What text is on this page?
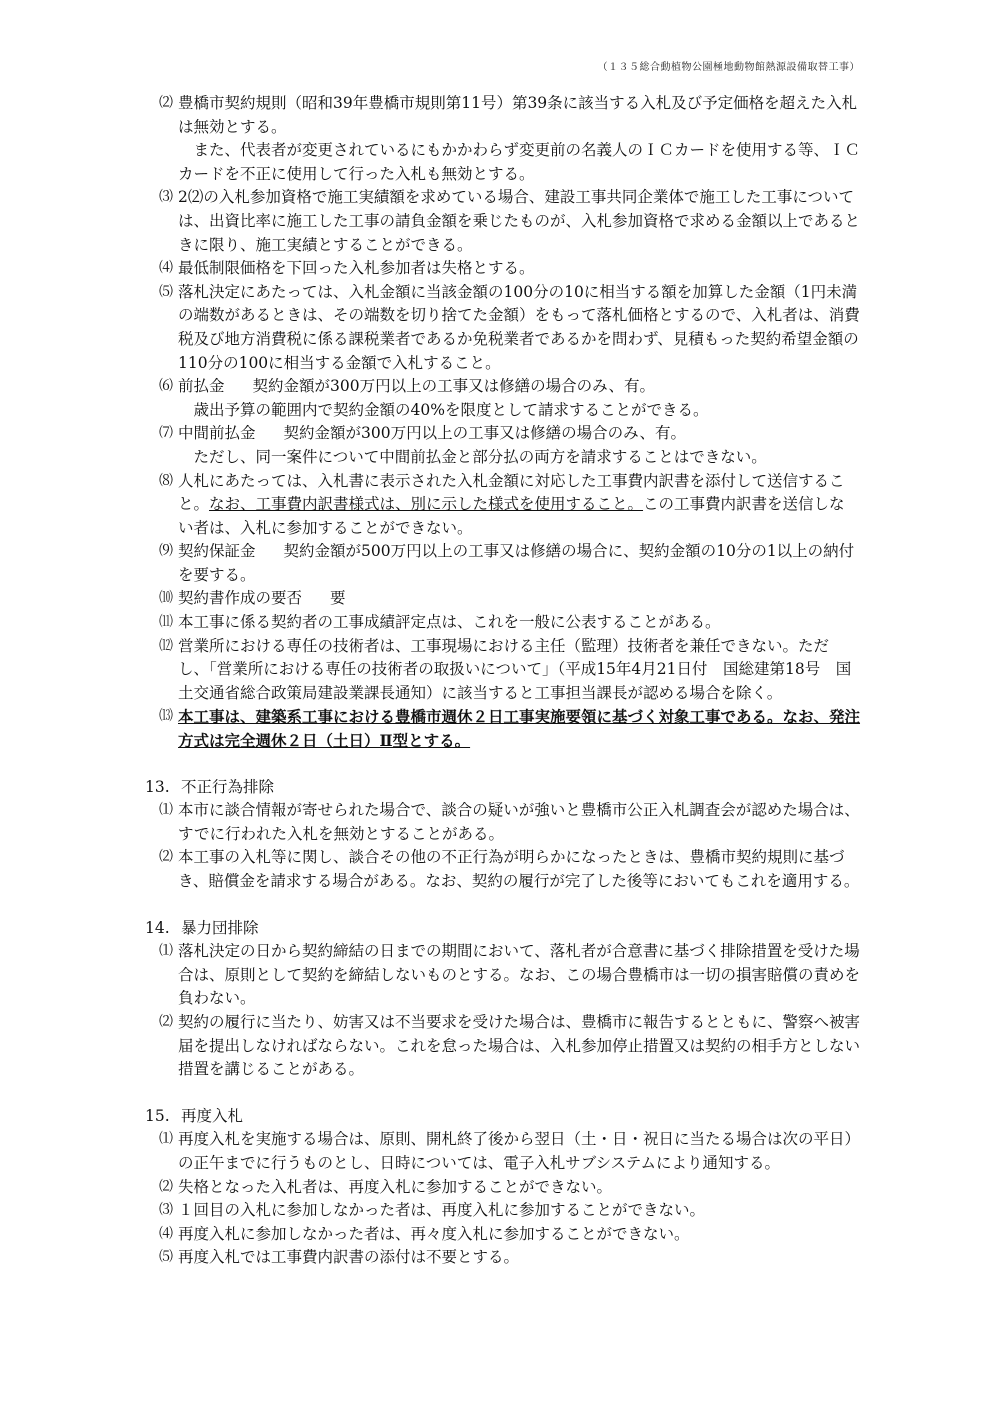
（１３５総合動植物公園極地動物館熱源設備取替工事）
⑵ 豊橋市契約規則（昭和39年豊橋市規則第11号）第39条に該当する入札及び予定価格を超えた入札は無効とする。
また、代表者が変更されているにもかかわらず変更前の名義人のＩＣカードを使用する等、ＩＣカードを不正に使用して行った入札も無効とする。
⑶ 2⑵の入札参加資格で施工実績額を求めている場合、建設工事共同企業体で施工した工事については、出資比率に施工した工事の請負金額を乗じたものが、入札参加資格で求める金額以上であるときに限り、施工実績とすることができる。
⑷ 最低制限価格を下回った入札参加者は失格とする。
⑸ 落札決定にあたっては、入札金額に当該金額の100分の10に相当する額を加算した金額（1円未満の端数があるときは、その端数を切り捨てた金額）をもって落札価格とするので、入札者は、消費税及び地方消費税に係る課税業者であるか免税業者であるかを問わず、見積もった契約希望金額の110分の100に相当する金額で入札すること。
⑹ 前払金 契約金額が300万円以上の工事又は修繕の場合のみ、有。
歳出予算の範囲内で契約金額の40%を限度として請求することができる。
⑺ 中間前払金 契約金額が300万円以上の工事又は修繕の場合のみ、有。
ただし、同一案件について中間前払金と部分払の両方を請求することはできない。
⑻ 人札にあたっては、入札書に表示された入札金額に対応した工事費内訳書を添付して送信すること。なお、工事費内訳書様式は、別に示した様式を使用すること。この工事費内訳書を送信しない者は、入札に参加することができない。
⑼ 契約保証金 契約金額が500万円以上の工事又は修繕の場合に、契約金額の10分の1以上の納付を要する。
⑽ 契約書作成の要否 要
⑾ 本工事に係る契約者の工事成績評定点は、これを一般に公表することがある。
⑿ 営業所における専任の技術者は、工事現場における主任（監理）技術者を兼任できない。ただし、「営業所における専任の技術者の取扱いについて」（平成15年4月21日付　国総建第18号　国土交通省総合政策局建設業課長通知）に該当すると工事担当課長が認める場合を除く。
⒀ 本工事は、建築系工事における豊橋市週休２日工事実施要領に基づく対象工事である。なお、発注方式は完全週休２日（土日）Ⅱ型とする。
13. 不正行為排除
⑴ 本市に談合情報が寄せられた場合で、談合の疑いが強いと豊橋市公正入札調査会が認めた場合は、すでに行われた入札を無効とすることがある。
⑵ 本工事の入札等に関し、談合その他の不正行為が明らかになったときは、豊橋市契約規則に基づき、賠償金を請求する場合がある。なお、契約の履行が完了した後等においてもこれを適用する。
14. 暴力団排除
⑴ 落札決定の日から契約締結の日までの期間において、落札者が合意書に基づく排除措置を受けた場合は、原則として契約を締結しないものとする。なお、この場合豊橋市は一切の損害賠償の責めを負わない。
⑵ 契約の履行に当たり、妨害又は不当要求を受けた場合は、豊橋市に報告するとともに、警察へ被害届を提出しなければならない。これを怠った場合は、入札参加停止措置又は契約の相手方としない措置を講じることがある。
15. 再度入札
⑴ 再度入札を実施する場合は、原則、開札終了後から翌日（土・日・祝日に当たる場合は次の平日）の正午までに行うものとし、日時については、電子入札サブシステムにより通知する。
⑵ 失格となった入札者は、再度入札に参加することができない。
⑶ １回目の入札に参加しなかった者は、再度入札に参加することができない。
⑷ 再度入札に参加しなかった者は、再々度入札に参加することができない。
⑸ 再度入札では工事費内訳書の添付は不要とする。
